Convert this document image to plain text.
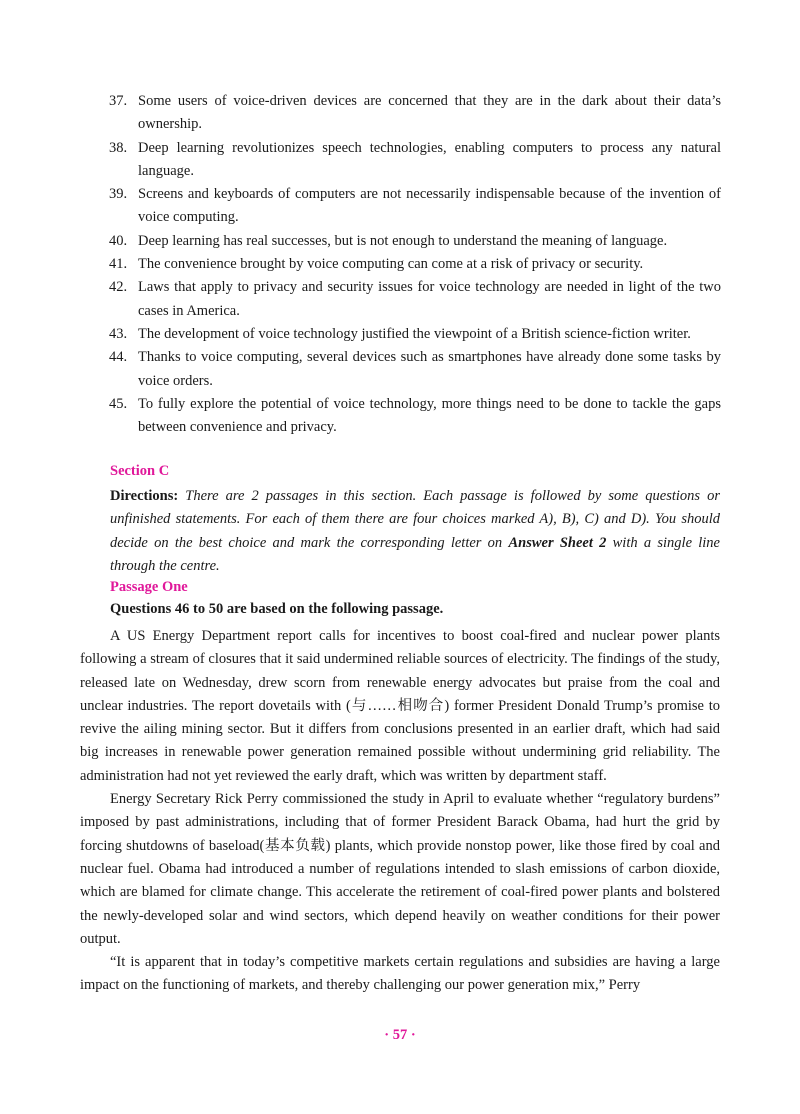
37. Some users of voice-driven devices are concerned that they are in the dark about their data’s ownership.
38. Deep learning revolutionizes speech technologies, enabling computers to process any natural language.
39. Screens and keyboards of computers are not necessarily indispensable because of the invention of voice computing.
40. Deep learning has real successes, but is not enough to understand the meaning of language.
41. The convenience brought by voice computing can come at a risk of privacy or security.
42. Laws that apply to privacy and security issues for voice technology are needed in light of the two cases in America.
43. The development of voice technology justified the viewpoint of a British science-fiction writer.
44. Thanks to voice computing, several devices such as smartphones have already done some tasks by voice orders.
45. To fully explore the potential of voice technology, more things need to be done to tackle the gaps between convenience and privacy.
Section C
Directions: There are 2 passages in this section. Each passage is followed by some questions or unfinished statements. For each of them there are four choices marked A), B), C) and D). You should decide on the best choice and mark the corresponding letter on Answer Sheet 2 with a single line through the centre.
Passage One
Questions 46 to 50 are based on the following passage.

A US Energy Department report calls for incentives to boost coal-fired and nuclear power plants following a stream of closures that it said undermined reliable sources of electricity. The findings of the study, released late on Wednesday, drew scorn from renewable energy advocates but praise from the coal and unclear industries. The report dovetails with (与……相吻合) former President Donald Trump’s promise to revive the ailing mining sector. But it differs from conclusions presented in an earlier draft, which had said big increases in renewable power generation remained possible without undermining grid reliability. The administration had not yet reviewed the early draft, which was written by department staff.

Energy Secretary Rick Perry commissioned the study in April to evaluate whether “regulatory burdens” imposed by past administrations, including that of former President Barack Obama, had hurt the grid by forcing shutdowns of baseload(基本负载) plants, which provide nonstop power, like those fired by coal and nuclear fuel. Obama had introduced a number of regulations intended to slash emissions of carbon dioxide, which are blamed for climate change. This accelerate the retirement of coal-fired power plants and bolstered the newly-developed solar and wind sectors, which depend heavily on weather conditions for their power output.

“It is apparent that in today’s competitive markets certain regulations and subsidies are having a large impact on the functioning of markets, and thereby challenging our power generation mix,” Perry

· 57 ·
